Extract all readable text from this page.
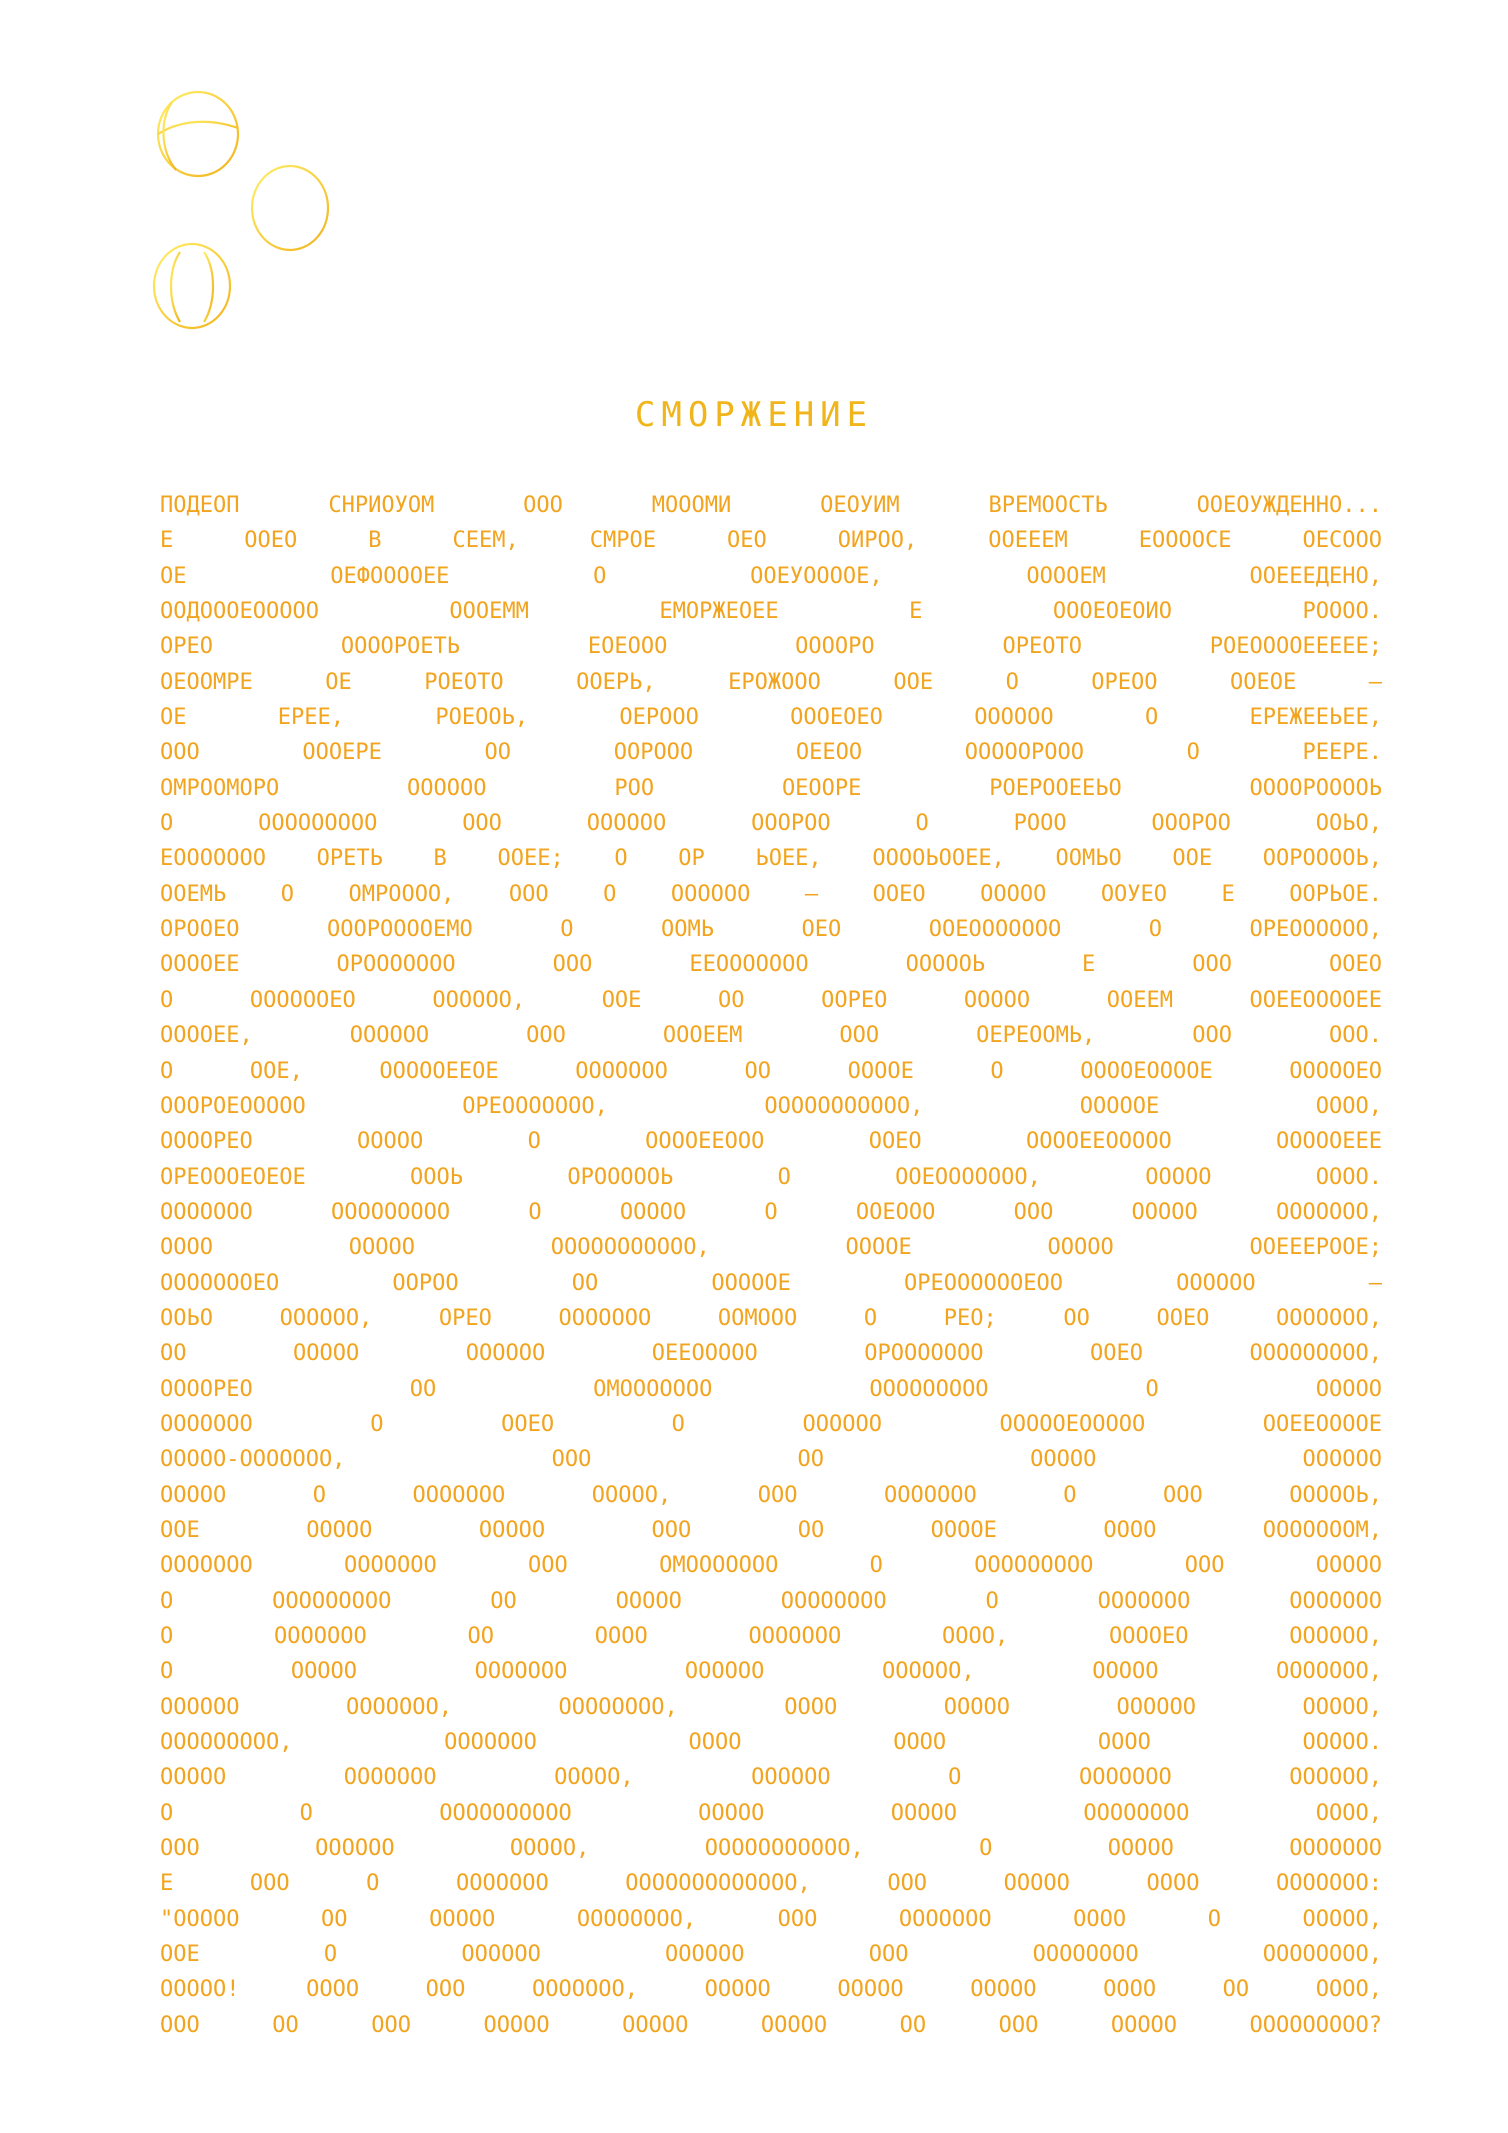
СМОРЖЕНИЕ
ПОДЕОП СНРИОУОМ ООО МОООМИ ОЕОУИМ ВРЕМООСТЬ ООЕОУЖДЕННО...
Е ООЕО В СЕЕМ, СМРОЕ ОЕО ОИРОО, ООЕЕЕМ ЕООООСЕ ОЕСООО
ОЕ ОЕФООООЕЕ О ООЕУООООЕ, ООООЕМ ООЕЕЕДЕНО,
ООДОООЕООООО ОООЕММ ЕМОРЖЕОЕЕ Е ОООЕОЕОИО РОООО.
ОРЕО ООООРОЕТЬ ЕОЕООО ООООРО ОРЕОТО РОЕООООЕЕЕЕЕ;
ОЕООМРЕ ОЕ РОЕОТО ООЕРЬ, ЕРОЖООО ООЕ О ОРЕОО ООЕОЕ —
ОЕ ЕРЕЕ, РОЕООЬ, ОЕРООО ОООЕОЕО ОООООО О ЕРЕЖЕЕЬЕЕ,
ООО ОООЕРЕ ОО ООРООО ОЕЕОО ОООООРООО О РЕЕРЕ.
ОМРООМОРО ОООООО РОО ОЕООРЕ РОЕРООЕЕЬО ООООРООООЬ
О ООООООООО ООО ОООООО ОООРОО О РООО ОООРОО ООЬО,
ЕООООООО ОРЕТЬ В ООЕЕ; О ОР ЬОЕЕ, ООООЬООЕЕ, ООМЬО ООЕ ООРООООЬ,
ООЕМЬ О ОМРОООО, ООО О ОООООО — ООЕО ООООО ООУЕО Е ООРЬОЕ.
ОРООЕО ОООРООООЕМО О ООМЬ ОЕО ООЕООООООО О ОРЕОООООО,
ООООЕЕ ОРООООООО ООО ЕЕООООООО ОООООЬ Е ООО ООЕО
О ООООООЕО ОООООО, ООЕ ОО ООРЕО ООООО ООЕЕМ ООЕЕООООЕЕ
ООООЕЕ, ОООООО ООО ОООЕЕМ ООО ОЕРЕООМЬ, ООО ООО.
О ООЕ, ОООООЕЕОЕ ООООООО ОО ООООЕ О ООООЕООООЕ ОООООЕО
ОООРОЕООООО ОРЕООООООО, ООООООООООО, ОООООЕ ОООО,
ООООРЕО ООООО О ООООЕЕООО ООЕО ООООЕЕООООО ОООООЕЕЕ
ОРЕОООЕОЕОЕ ОООЬ ОРОООООЬ О ООЕООООООО, ООООО ОООО.
ООООООО ООООООООО О ООООО О ООЕООО ООО ООООО ООООООО,
ОООО ООООО ООООООООООО, ООООЕ ООООО ООЕЕЕРООЕ;
ОООООООЕО ООРОО ОО ОООООЕ ОРЕООООООЕОО ОООООО —
ООЬО ОООООО, ОРЕО ООООООО ООМООО О РЕО; ОО ООЕО ООООООО,
ОО ООООО ОООООО ОЕЕООООО ОРООООООО ООЕО ООООООООО,
ООООРЕО ОО ОМООООООО ООООООООО О ООООО
ООООООО О ООЕО О ОООООО ОООООЕООООО ООЕЕООООЕ
ООООО-ООООООО, ООО ОО ООООО ОООООО
ООООО О ООООООО ООООО, ООО ООООООО О ООО ОООООЬ,
ООЕ ООООО ООООО ООО ОО ООООЕ ОООО ОООООООМ,
ООООООО ООООООО ООО ОМООООООО О ООООООООО ООО ООООО
О ООООООООО ОО ООООО ОООООООО О ООООООО ООООООО
О ООООООО ОО ОООО ООООООО ОООО, ООООЕО ОООООО,
О ООООО ООООООО ОООООО ОООООО, ООООО ООООООО,
ОООООО ООООООО, ОООООООО, ОООО ООООО ОООООО ООООО,
ООООООООО, ООООООО ОООО ОООО ОООО ООООО.
ООООО ООООООО ООООО, ОООООО О ООООООО ОООООО,
О О ОООООООООО ООООО ООООО ОООООООО ОООО,
ООО ОООООО ООООО, ООООООООООО, О ООООО ООООООО
Е ООО О ООООООО ООООООООООООО, ООО ООООО ОООО ООООООО:
"ООООО ОО ООООО ОООООООО, ООО ООООООО ОООО О ООООО,
ООЕ О ОООООО ОООООО ООО ОООООООО ОООООООО,
ООООО! ОООО ООО ООООООО, ООООО ООООО ООООО ОООО ОО ОООО,
ООО ОО ООО ООООО ООООО ООООО ОО ООО ООООО ООООООООО?
